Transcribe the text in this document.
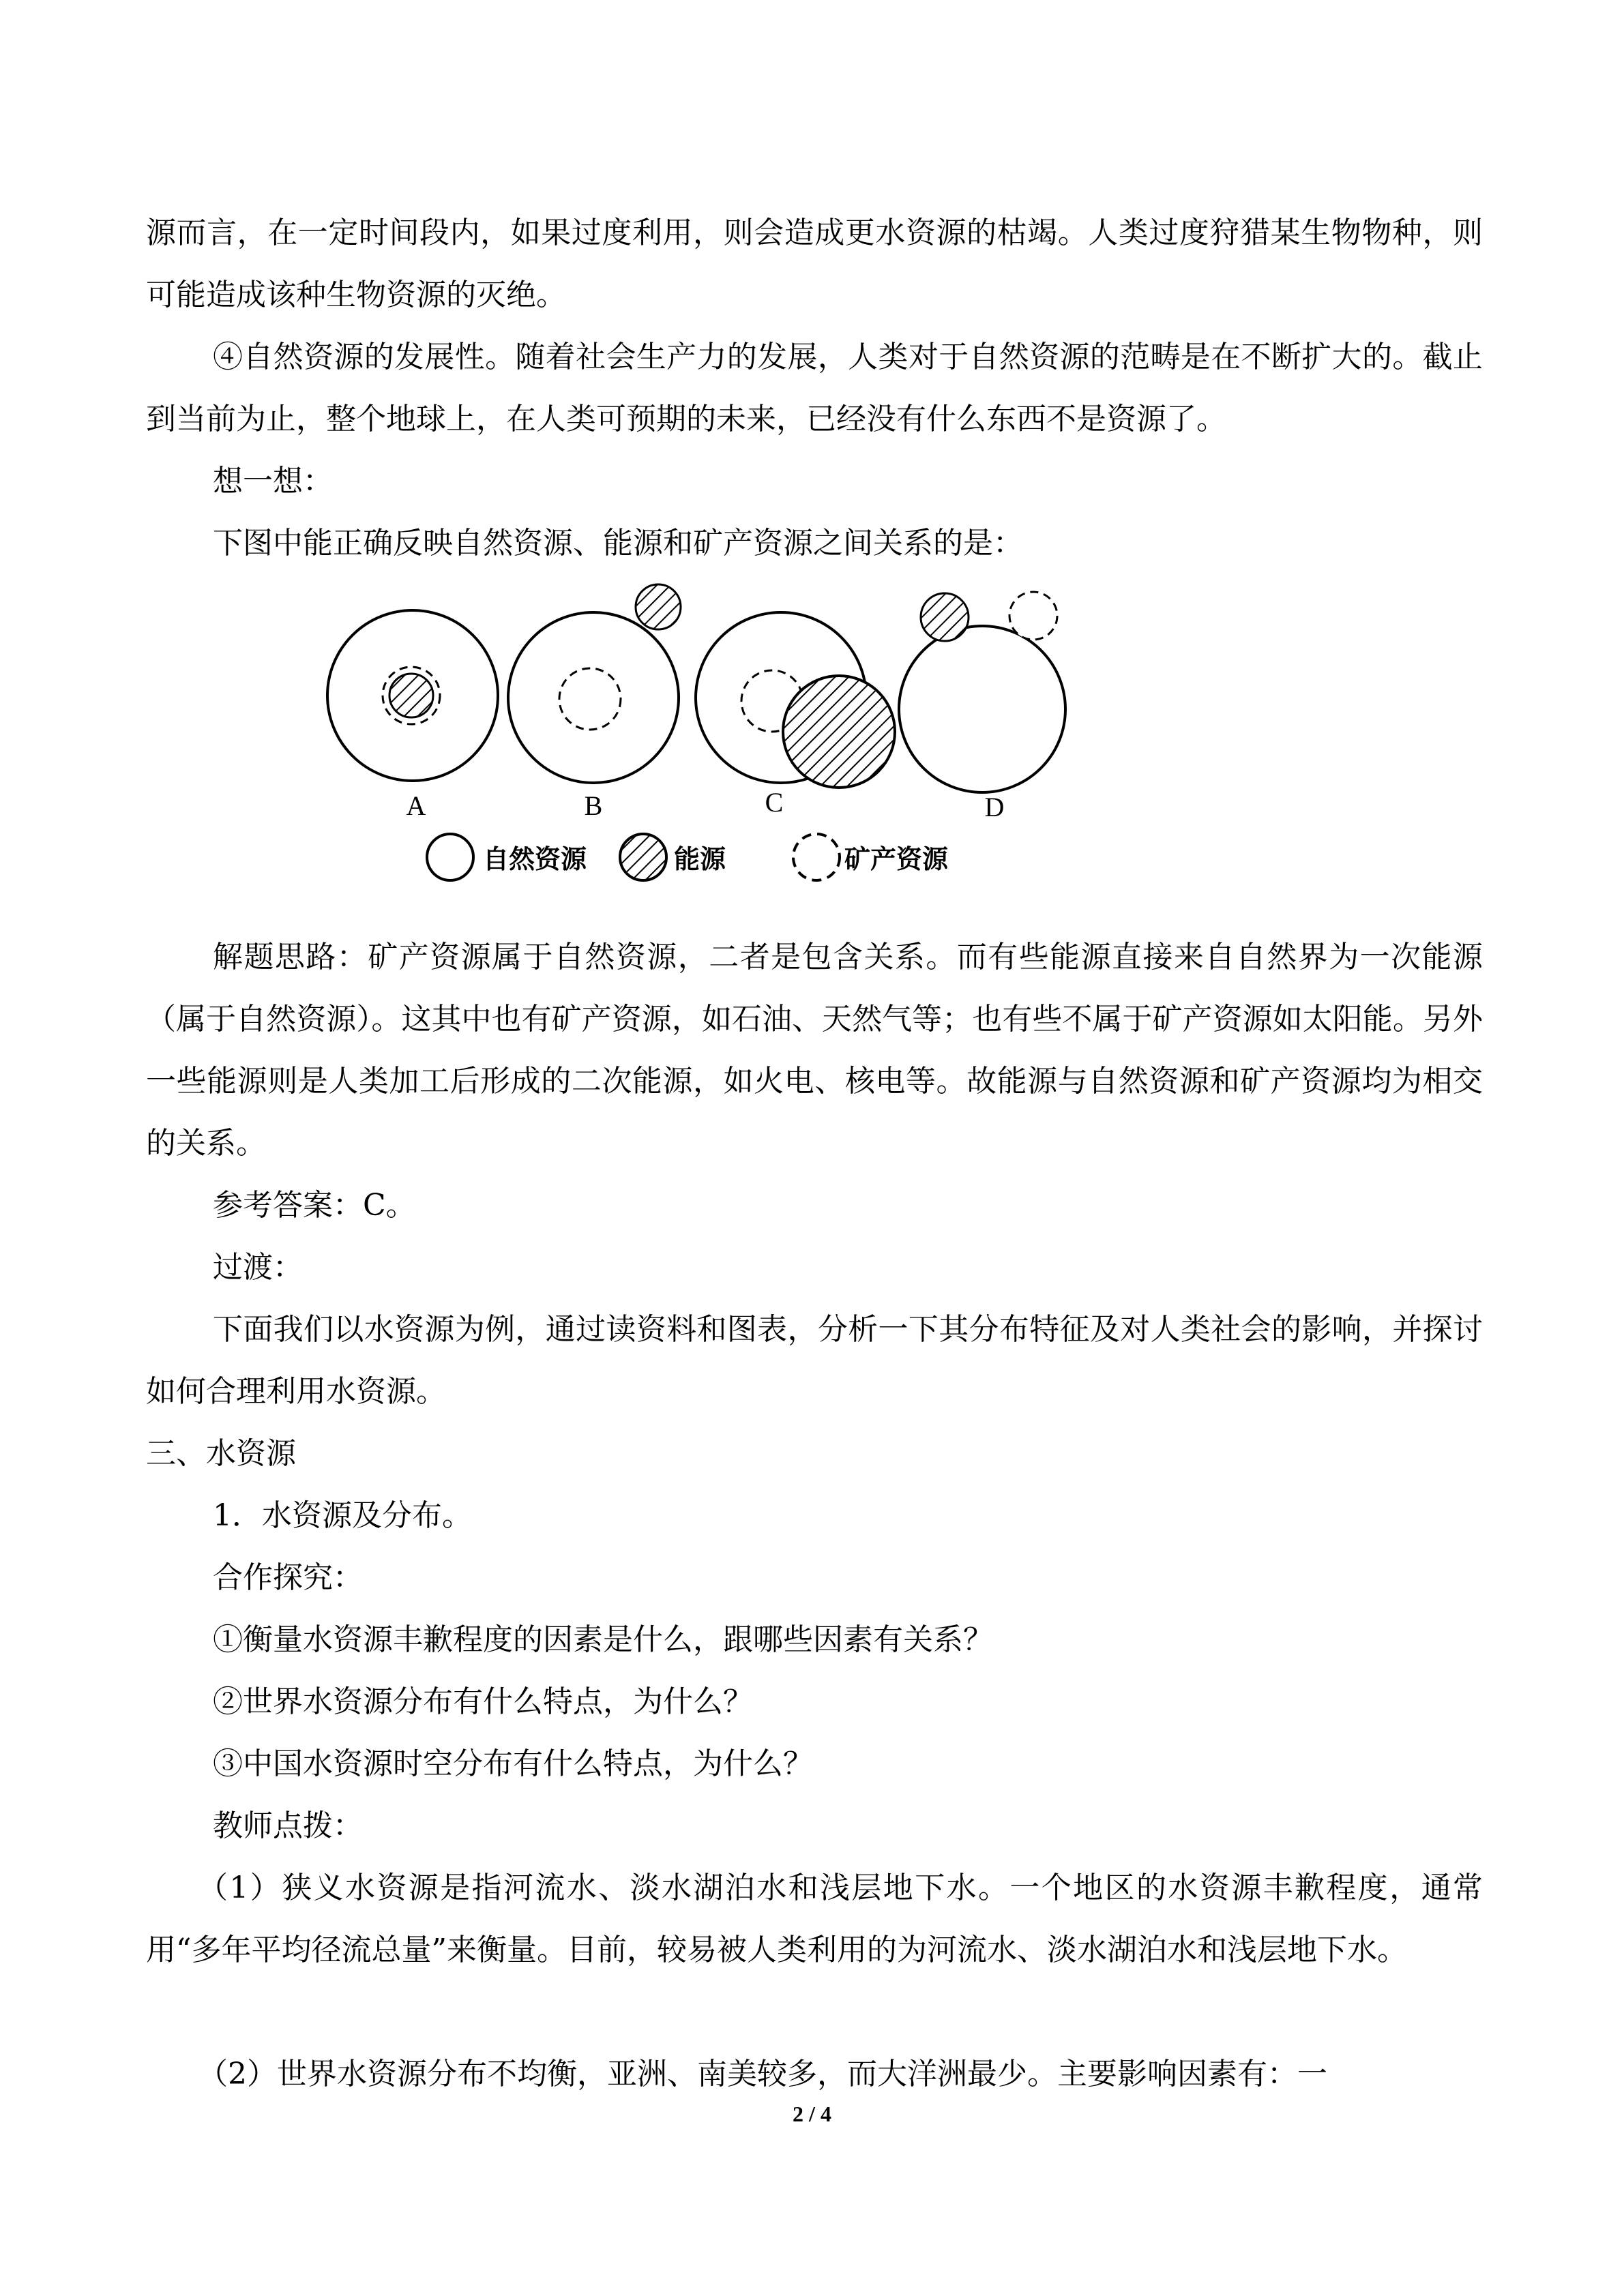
源而言，在一定时间段内，如果过度利用，则会造成更水资源的枯竭。人类过度狩猎某生物物种，则可能造成该种生物资源的灭绝。
④自然资源的发展性。随着社会生产力的发展，人类对于自然资源的范畴是在不断扩大的。截止到当前为止，整个地球上，在人类可预期的未来，已经没有什么东西不是资源了。
想一想：
下图中能正确反映自然资源、能源和矿产资源之间关系的是：
A	B	C	D
自然资源	能源	矿产资源
解题思路：矿产资源属于自然资源，二者是包含关系。而有些能源直接来自自然界为一次能源（属于自然资源）。这其中也有矿产资源，如石油、天然气等；也有些不属于矿产资源如太阳能。另外一些能源则是人类加工后形成的二次能源，如火电、核电等。故能源与自然资源和矿产资源均为相交的关系。
参考答案：C。
过渡：
下面我们以水资源为例，通过读资料和图表，分析一下其分布特征及对人类社会的影响，并探讨如何合理利用水资源。
三、水资源
1．水资源及分布。
合作探究：
①衡量水资源丰歉程度的因素是什么，跟哪些因素有关系？
②世界水资源分布有什么特点，为什么？
③中国水资源时空分布有什么特点，为什么？
教师点拨：
（1）狭义水资源是指河流水、淡水湖泊水和浅层地下水。一个地区的水资源丰歉程度，通常用“多年平均径流总量”来衡量。目前，较易被人类利用的为河流水、淡水湖泊水和浅层地下水。
（2）世界水资源分布不均衡，亚洲、南美较多，而大洋洲最少。主要影响因素有：一
2 / 4
